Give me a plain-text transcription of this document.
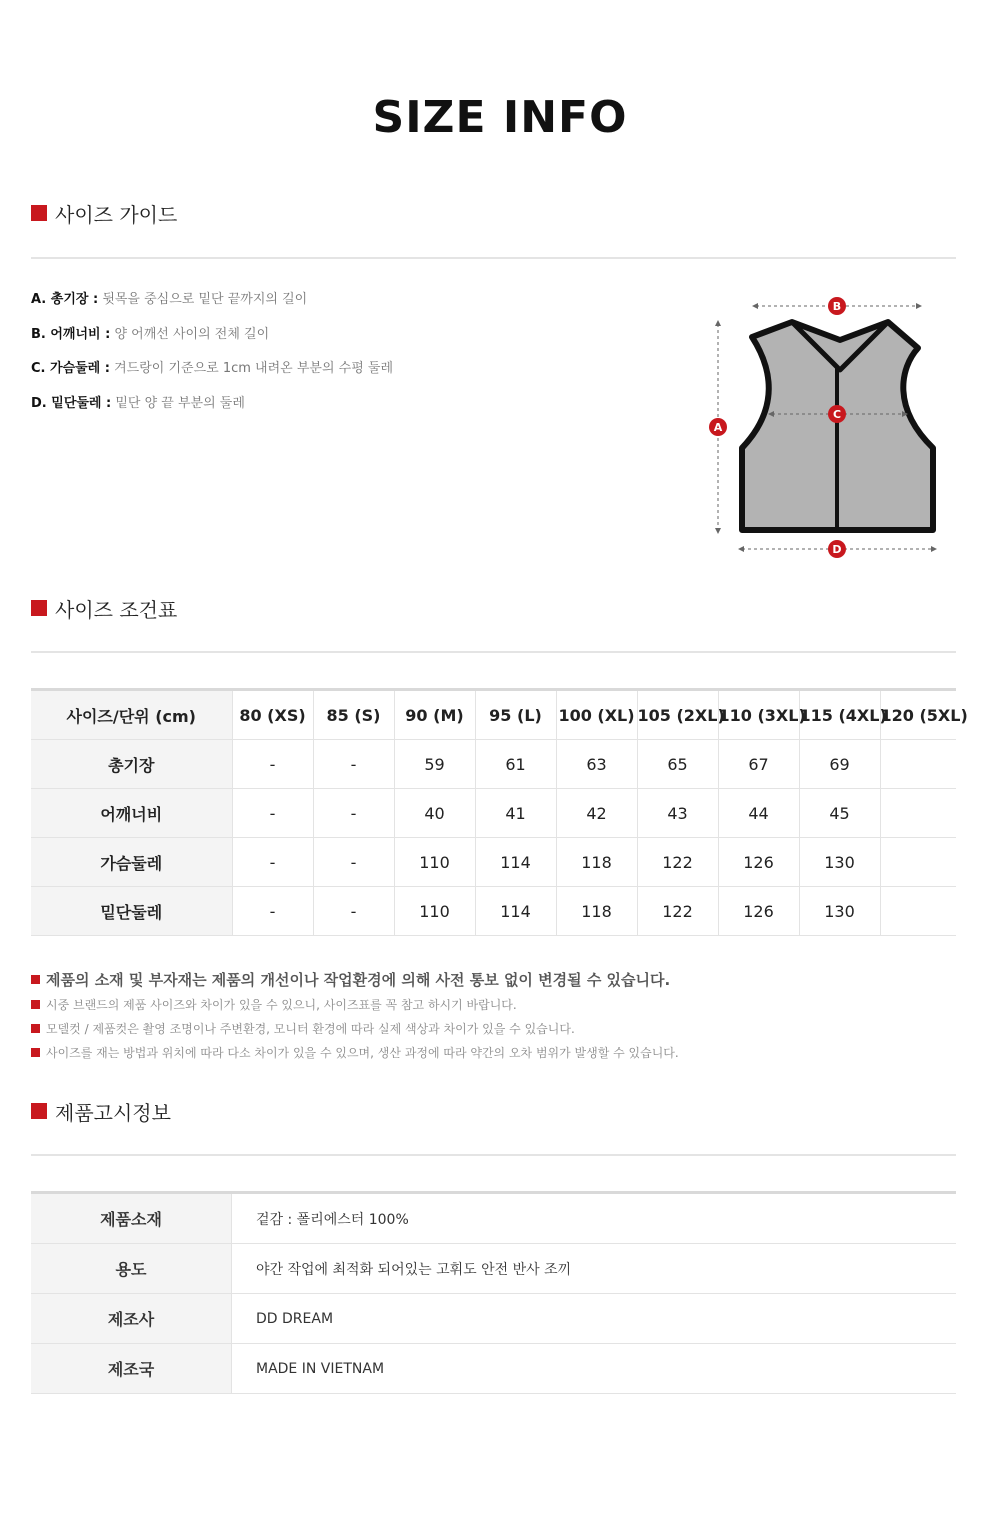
SIZE INFO
사이즈 가이드
A. 총기장 : 뒷목을 중심으로 밑단 끝까지의 길이
B. 어깨너비 : 양 어깨선 사이의 전체 길이
C. 가슴둘레 : 겨드랑이 기준으로 1cm 내려온 부분의 수평 둘레
D. 밑단둘레 : 밑단 양 끝 부분의 둘레
B
A
C
D
사이즈 조건표
사이즈/단위 (cm)	80 (XS)	85 (S)	90 (M)	95 (L)	100 (XL)	105 (2XL)	110 (3XL)	115 (4XL)	120 (5XL)
총기장	-	-	59	61	63	65	67	69	
어깨너비	-	-	40	41	42	43	44	45	
가슴둘레	-	-	110	114	118	122	126	130	
밑단둘레	-	-	110	114	118	122	126	130	
제품의 소재 및 부자재는 제품의 개선이나 작업환경에 의해 사전 통보 없이 변경될 수 있습니다.
시중 브랜드의 제품 사이즈와 차이가 있을 수 있으니, 사이즈표를 꼭 참고 하시기 바랍니다.
모델컷 / 제품컷은 촬영 조명이나 주변환경, 모니터 환경에 따라 실제 색상과 차이가 있을 수 있습니다.
사이즈를 재는 방법과 위치에 따라 다소 차이가 있을 수 있으며, 생산 과정에 따라 약간의 오차 범위가 발생할 수 있습니다.
제품고시정보
제품소재	겉감 : 폴리에스터 100%
용도	야간 작업에 최적화 되어있는 고휘도 안전 반사 조끼
제조사	DD DREAM
제조국	MADE IN VIETNAM
